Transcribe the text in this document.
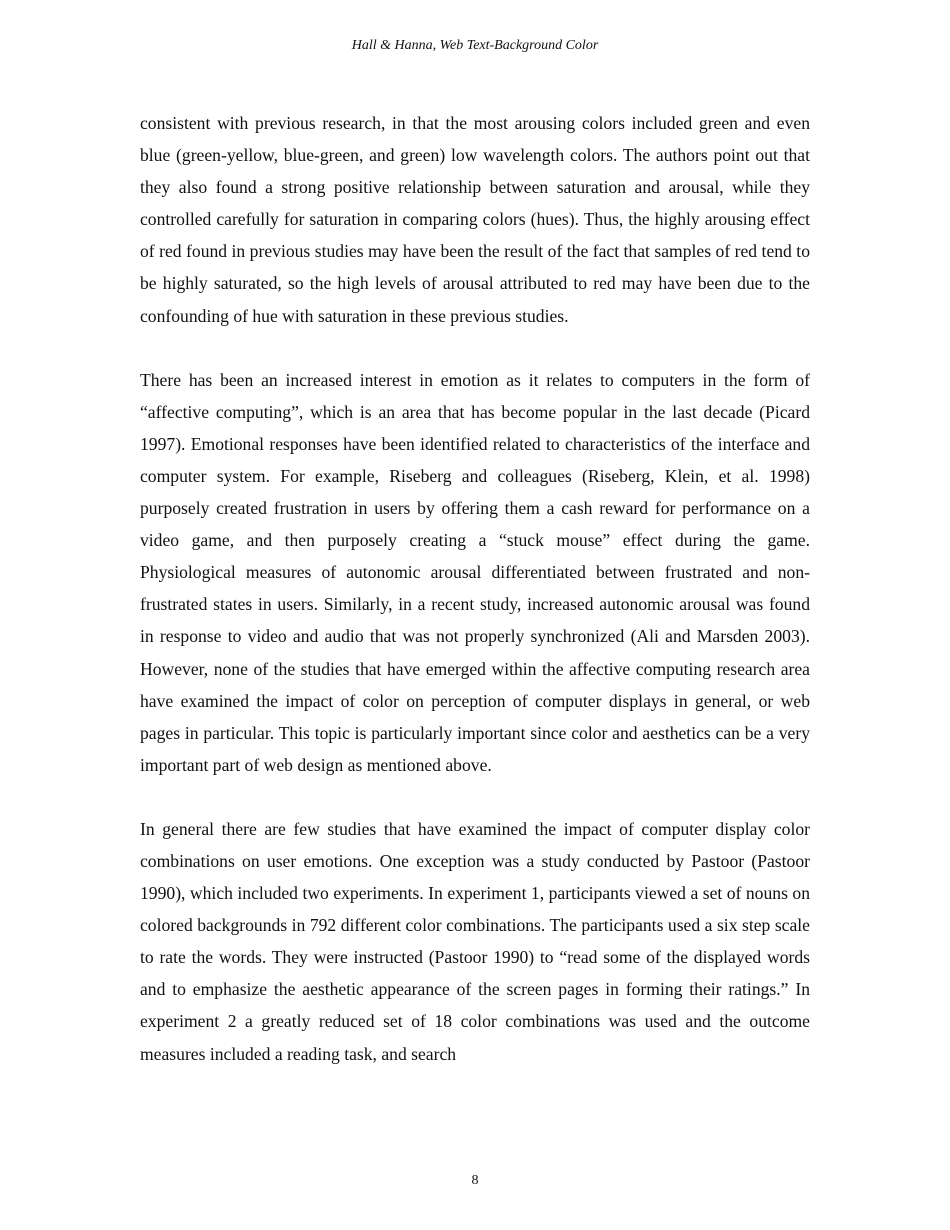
Hall & Hanna, Web Text-Background Color

consistent with previous research, in that the most arousing colors included green and even blue (green-yellow, blue-green, and green) low wavelength colors. The authors point out that they also found a strong positive relationship between saturation and arousal, while they controlled carefully for saturation in comparing colors (hues). Thus, the highly arousing effect of red found in previous studies may have been the result of the fact that samples of red tend to be highly saturated, so the high levels of arousal attributed to red may have been due to the confounding of hue with saturation in these previous studies.

There has been an increased interest in emotion as it relates to computers in the form of “affective computing”, which is an area that has become popular in the last decade (Picard 1997). Emotional responses have been identified related to characteristics of the interface and computer system. For example, Riseberg and colleagues (Riseberg, Klein, et al. 1998) purposely created frustration in users by offering them a cash reward for performance on a video game, and then purposely creating a “stuck mouse” effect during the game. Physiological measures of autonomic arousal differentiated between frustrated and non-frustrated states in users. Similarly, in a recent study, increased autonomic arousal was found in response to video and audio that was not properly synchronized (Ali and Marsden 2003). However, none of the studies that have emerged within the affective computing research area have examined the impact of color on perception of computer displays in general, or web pages in particular. This topic is particularly important since color and aesthetics can be a very important part of web design as mentioned above.

In general there are few studies that have examined the impact of computer display color combinations on user emotions. One exception was a study conducted by Pastoor (Pastoor 1990), which included two experiments. In experiment 1, participants viewed a set of nouns on colored backgrounds in 792 different color combinations. The participants used a six step scale to rate the words. They were instructed (Pastoor 1990) to “read some of the displayed words and to emphasize the aesthetic appearance of the screen pages in forming their ratings.” In experiment 2 a greatly reduced set of 18 color combinations was used and the outcome measures included a reading task, and search

8
